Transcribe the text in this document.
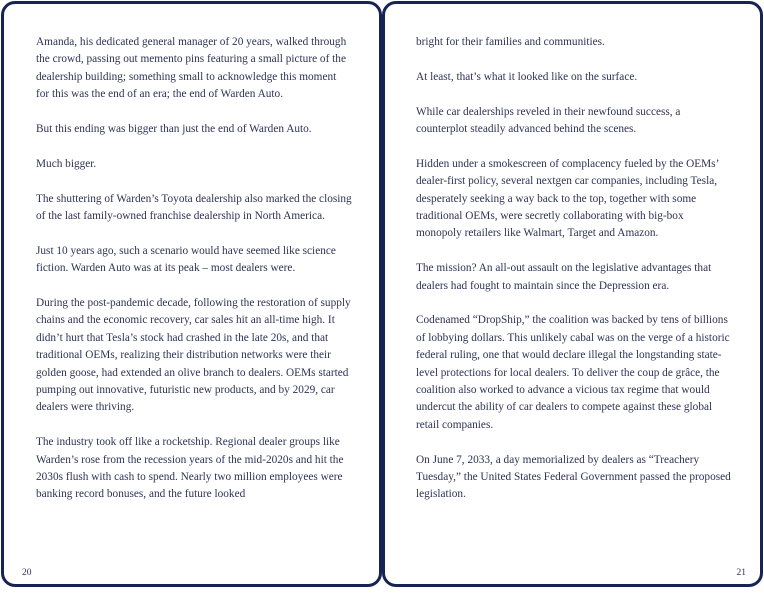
Amanda, his dedicated general manager of 20 years, walked through the crowd, passing out memento pins featuring a small picture of the dealership building; something small to acknowledge this moment for this was the end of an era; the end of Warden Auto.

But this ending was bigger than just the end of Warden Auto.

Much bigger.

The shuttering of Warden’s Toyota dealership also marked the closing of the last family-owned franchise dealership in North America.

Just 10 years ago, such a scenario would have seemed like science fiction. Warden Auto was at its peak – most dealers were.

During the post-pandemic decade, following the restoration of supply chains and the economic recovery, car sales hit an all-time high. It didn’t hurt that Tesla’s stock had crashed in the late 20s, and that traditional OEMs, realizing their distribution networks were their golden goose, had extended an olive branch to dealers. OEMs started pumping out innovative, futuristic new products, and by 2029, car dealers were thriving.

The industry took off like a rocketship. Regional dealer groups like Warden’s rose from the recession years of the mid-2020s and hit the 2030s flush with cash to spend. Nearly two million employees were banking record bonuses, and the future looked

20

bright for their families and communities.

At least, that’s what it looked like on the surface.

While car dealerships reveled in their newfound success, a counterplot steadily advanced behind the scenes.

Hidden under a smokescreen of complacency fueled by the OEMs’ dealer-first policy, several nextgen car companies, including Tesla, desperately seeking a way back to the top, together with some traditional OEMs, were secretly collaborating with big-box monopoly retailers like Walmart, Target and Amazon.

The mission? An all-out assault on the legislative advantages that dealers had fought to maintain since the Depression era.

Codenamed “DropShip,” the coalition was backed by tens of billions of lobbying dollars. This unlikely cabal was on the verge of a historic federal ruling, one that would declare illegal the longstanding state-level protections for local dealers. To deliver the coup de grâce, the coalition also worked to advance a vicious tax regime that would undercut the ability of car dealers to compete against these global retail companies.

On June 7, 2033, a day memorialized by dealers as “Treachery Tuesday,” the United States Federal Government passed the proposed legislation.

21
